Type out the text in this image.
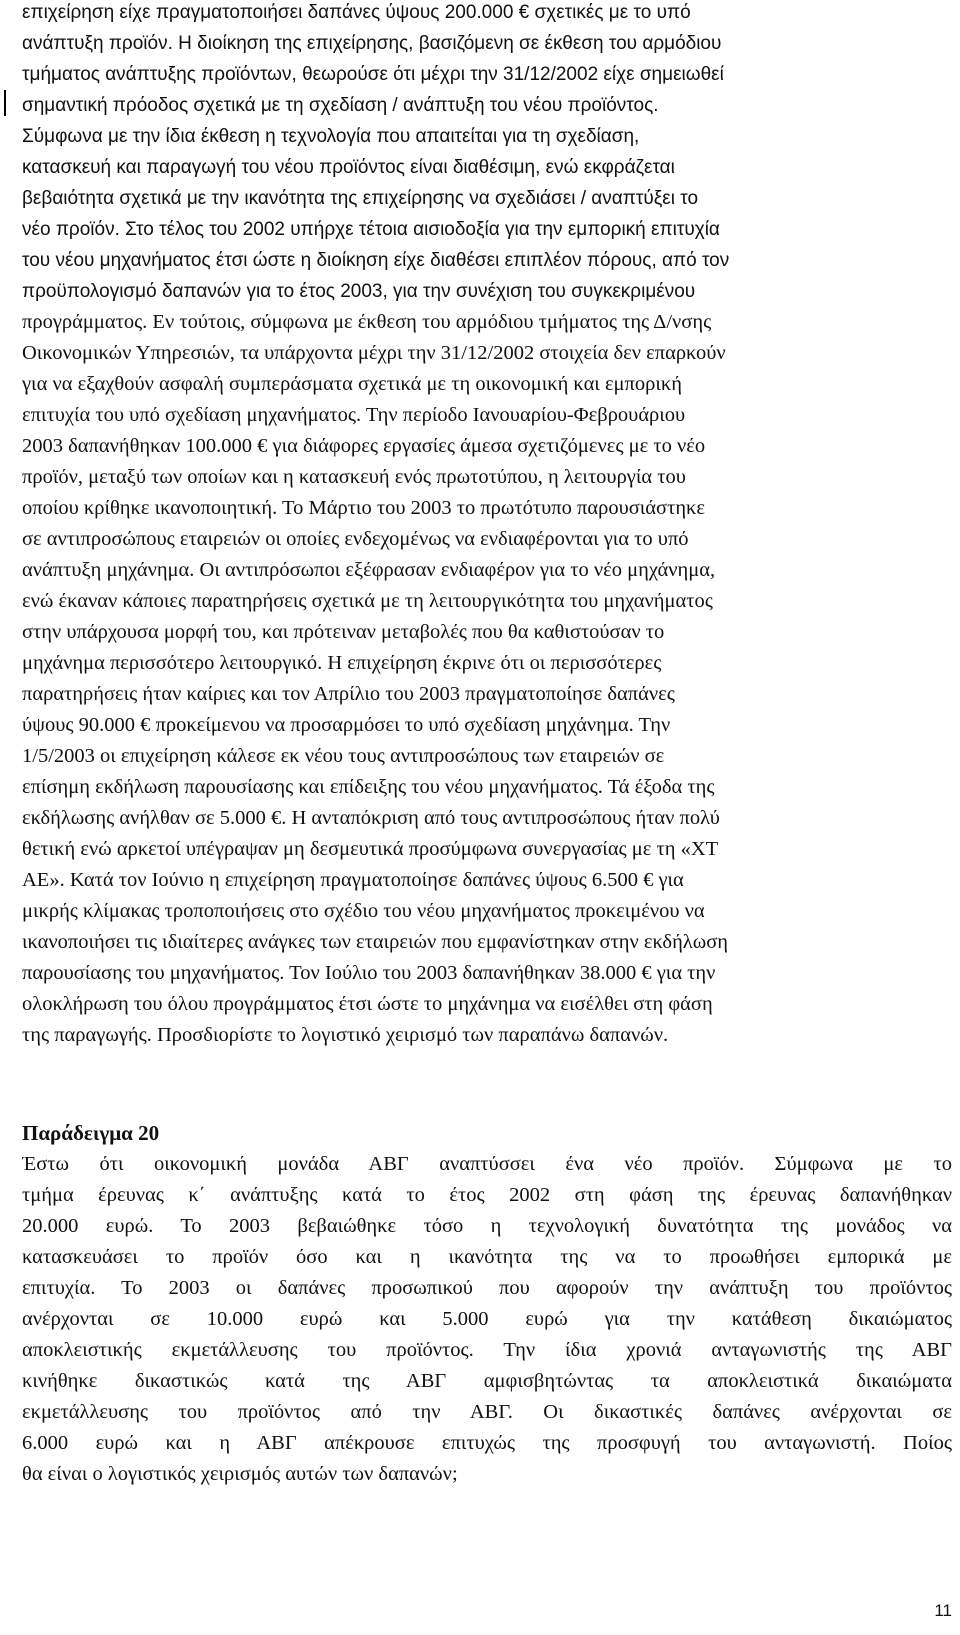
επιχείρηση είχε πραγματοποιήσει δαπάνες ύψους 200.000 € σχετικές με το υπό
ανάπτυξη προϊόν. Η διοίκηση της επιχείρησης, βασιζόμενη σε έκθεση του αρμόδιου
τμήματος ανάπτυξης προϊόντων, θεωρούσε ότι μέχρι την 31/12/2002 είχε σημειωθεί
σημαντική πρόοδος σχετικά με τη σχεδίαση / ανάπτυξη του νέου προϊόντος.
Σύμφωνα με την ίδια έκθεση η τεχνολογία που απαιτείται για τη σχεδίαση,
κατασκευή και παραγωγή του νέου προϊόντος είναι διαθέσιμη, ενώ εκφράζεται
βεβαιότητα σχετικά με την ικανότητα της επιχείρησης να σχεδιάσει / αναπτύξει το
νέο προϊόν. Στο τέλος του 2002 υπήρχε τέτοια αισιοδοξία για την εμπορική επιτυχία
του νέου μηχανήματος έτσι ώστε η διοίκηση είχε διαθέσει επιπλέον πόρους, από τον
προϋπολογισμό δαπανών για το έτος 2003, για την συνέχιση του συγκεκριμένου
προγράμματος. Εν τούτοις, σύμφωνα με έκθεση του αρμόδιου τμήματος της Δ/νσης
Οικονομικών Υπηρεσιών, τα υπάρχοντα μέχρι την 31/12/2002 στοιχεία δεν επαρκούν
για να εξαχθούν ασφαλή συμπεράσματα σχετικά με τη οικονομική και εμπορική
επιτυχία του υπό σχεδίαση μηχανήματος. Την περίοδο Ιανουαρίου-Φεβρουάριου
2003 δαπανήθηκαν 100.000 € για διάφορες εργασίες άμεσα σχετιζόμενες με το νέο
προϊόν, μεταξύ των οποίων και η κατασκευή ενός πρωτοτύπου, η λειτουργία του
οποίου κρίθηκε ικανοποιητική. Το Μάρτιο του 2003 το πρωτότυπο παρουσιάστηκε
σε αντιπροσώπους εταιρειών οι οποίες ενδεχομένως να ενδιαφέρονται για το υπό
ανάπτυξη μηχάνημα. Οι αντιπρόσωποι εξέφρασαν ενδιαφέρον για το νέο μηχάνημα,
ενώ έκαναν κάποιες παρατηρήσεις σχετικά με τη λειτουργικότητα του μηχανήματος
στην υπάρχουσα μορφή του, και πρότειναν μεταβολές που θα καθιστούσαν το
μηχάνημα περισσότερο λειτουργικό. Η επιχείρηση έκρινε ότι οι περισσότερες
παρατηρήσεις ήταν καίριες και τον Απρίλιο του 2003 πραγματοποίησε δαπάνες
ύψους 90.000 € προκείμενου να προσαρμόσει το υπό σχεδίαση μηχάνημα. Την
1/5/2003 οι επιχείρηση κάλεσε εκ νέου τους αντιπροσώπους των εταιρειών σε
επίσημη εκδήλωση παρουσίασης και επίδειξης του νέου μηχανήματος. Τά έξοδα της
εκδήλωσης ανήλθαν σε 5.000 €. Η ανταπόκριση από τους αντιπροσώπους ήταν πολύ
θετική ενώ αρκετοί υπέγραψαν μη δεσμευτικά προσύμφωνα συνεργασίας με τη «ΧΤ
ΑΕ». Κατά τον Ιούνιο η επιχείρηση πραγματοποίησε δαπάνες ύψους 6.500 € για
μικρής κλίμακας τροποποιήσεις στο σχέδιο του νέου μηχανήματος προκειμένου να
ικανοποιήσει τις ιδιαίτερες ανάγκες των εταιρειών που εμφανίστηκαν στην εκδήλωση
παρουσίασης του μηχανήματος. Τον Ιούλιο του 2003 δαπανήθηκαν 38.000 € για την
ολοκλήρωση του όλου προγράμματος έτσι ώστε το μηχάνημα να εισέλθει στη φάση
της παραγωγής. Προσδιορίστε το λογιστικό χειρισμό των παραπάνω δαπανών.
Παράδειγμα 20
Έστω ότι οικονομική μονάδα ΑΒΓ αναπτύσσει ένα νέο προϊόν. Σύμφωνα με το
τμήμα έρευνας κ΄ ανάπτυξης κατά το έτος 2002 στη φάση της έρευνας δαπανήθηκαν
20.000 ευρώ. Το 2003 βεβαιώθηκε τόσο η τεχνολογική δυνατότητα της μονάδος να
κατασκευάσει το προϊόν όσο και η ικανότητα της να το προωθήσει εμπορικά με
επιτυχία. Το 2003 οι δαπάνες προσωπικού που αφορούν την ανάπτυξη του προϊόντος
ανέρχονται σε 10.000 ευρώ και 5.000 ευρώ για την κατάθεση δικαιώματος
αποκλειστικής εκμετάλλευσης του προϊόντος. Την ίδια χρονιά ανταγωνιστής της ΑΒΓ
κινήθηκε δικαστικώς κατά της ΑΒΓ αμφισβητώντας τα αποκλειστικά δικαιώματα
εκμετάλλευσης του προϊόντος από την ΑΒΓ. Οι δικαστικές δαπάνες ανέρχονται σε
6.000 ευρώ και η ΑΒΓ απέκρουσε επιτυχώς της προσφυγή του ανταγωνιστή. Ποίος
θα είναι ο λογιστικός χειρισμός αυτών των δαπανών;
11
